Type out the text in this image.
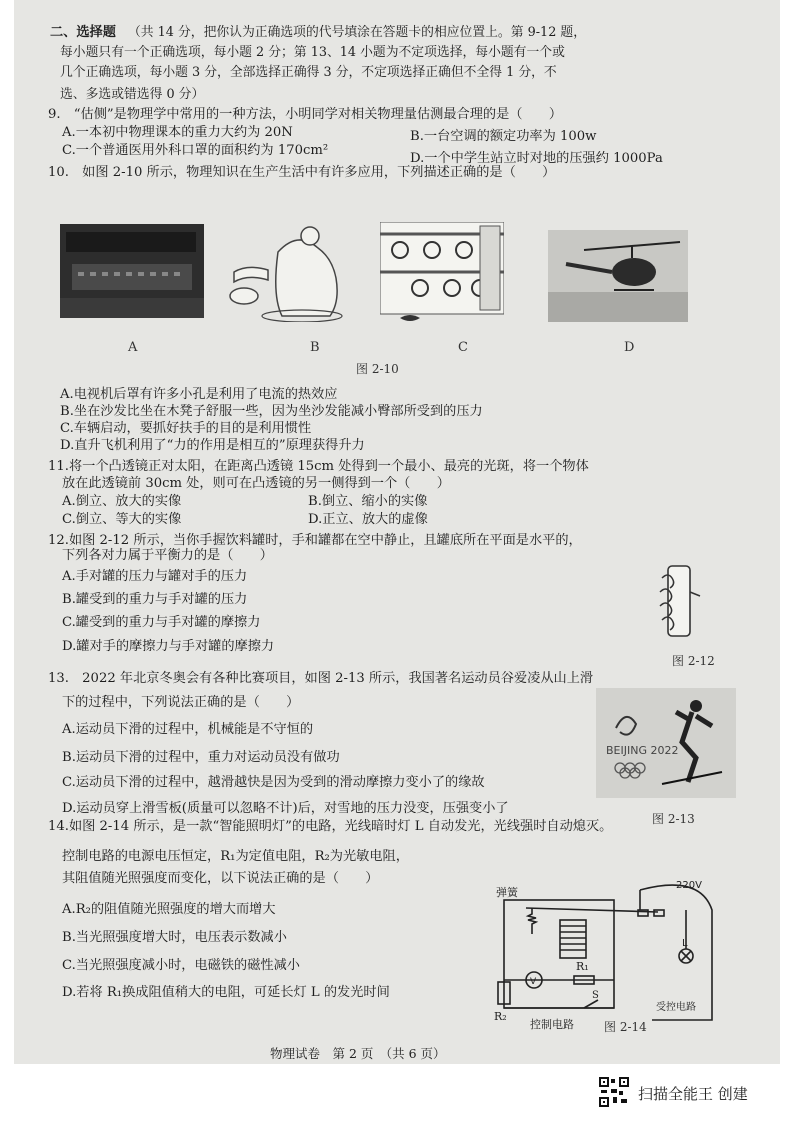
二、选择题 （共 14 分，把你认为正确选项的代号填涂在答题卡的相应位置上。第 9-12 题，
每小题只有一个正确选项，每小题 2 分；第 13、14 小题为不定项选择，每小题有一个或
几个正确选项，每小题 3 分，全部选择正确得 3 分，不定项选择正确但不全得 1 分，不
选、多选或错选得 0 分）
9.　“估侧”是物理学中常用的一种方法，小明同学对相关物理量估测最合理的是（　　）
A.一本初中物理课本的重力大约为 20N	B.一台空调的额定功率为 100w
C.一个普通医用外科口罩的面积约为 170cm²
D.一个中学生站立时对地的压强约 1000Pa
10.　如图 2-10 所示，物理知识在生产生活中有许多应用，下列描述正确的是（　　）
A	B	C	D
图 2-10
A.电视机后罩有许多小孔是利用了电流的热效应
B.坐在沙发比坐在木凳子舒服一些，因为坐沙发能减小臀部所受到的压力
C.车辆启动，要抓好扶手的目的是利用惯性
D.直升飞机利用了“力的作用是相互的”原理获得升力
11.将一个凸透镜正对太阳，在距离凸透镜 15cm 处得到一个最小、最亮的光斑，将一个物体
放在此透镜前 30cm 处，则可在凸透镜的另一侧得到一个（　　）
A.倒立、放大的实像	B.倒立、缩小的实像
C.倒立、等大的实像	D.正立、放大的虚像
12.如图 2-12 所示，当你手握饮料罐时，手和罐都在空中静止，且罐底所在平面是水平的，
下列各对力属于平衡力的是（　　）
A.手对罐的压力与罐对手的压力
B.罐受到的重力与手对罐的压力
C.罐受到的重力与手对罐的摩擦力
D.罐对手的摩擦力与手对罐的摩擦力
图 2-12
13.　2022 年北京冬奥会有各种比赛项目，如图 2-13 所示，我国著名运动员谷爱凌从山上滑
下的过程中，下列说法正确的是（　　）
A.运动员下滑的过程中，机械能是不守恒的
B.运动员下滑的过程中，重力对运动员没有做功
C.运动员下滑的过程中，越滑越快是因为受到的滑动摩擦力变小了的缘故
D.运动员穿上滑雪板(质量可以忽略不计)后，对雪地的压力没变，压强变小了
BEIJING 2022
图 2-13
14.如图 2-14 所示，是一款“智能照明灯”的电路，光线暗时灯 L 自动发光，光线强时自动熄灭。
控制电路的电源电压恒定，R₁为定值电阻，R₂为光敏电阻，
其阻值随光照强度而变化，以下说法正确的是（　　）
A.R₂的阻值随光照强度的增大而增大
B.当光照强度增大时，电压表示数减小
C.当光照强度减小时，电磁铁的磁性减小
D.若将 R₁换成阻值稍大的电阻，可延长灯 L 的发光时间
弹簧
220V
L
V
R₁
R₂
S
控制电路
受控电路
图 2-14
物理试卷　第 2 页　（共 6 页）
扫描全能王 创建
